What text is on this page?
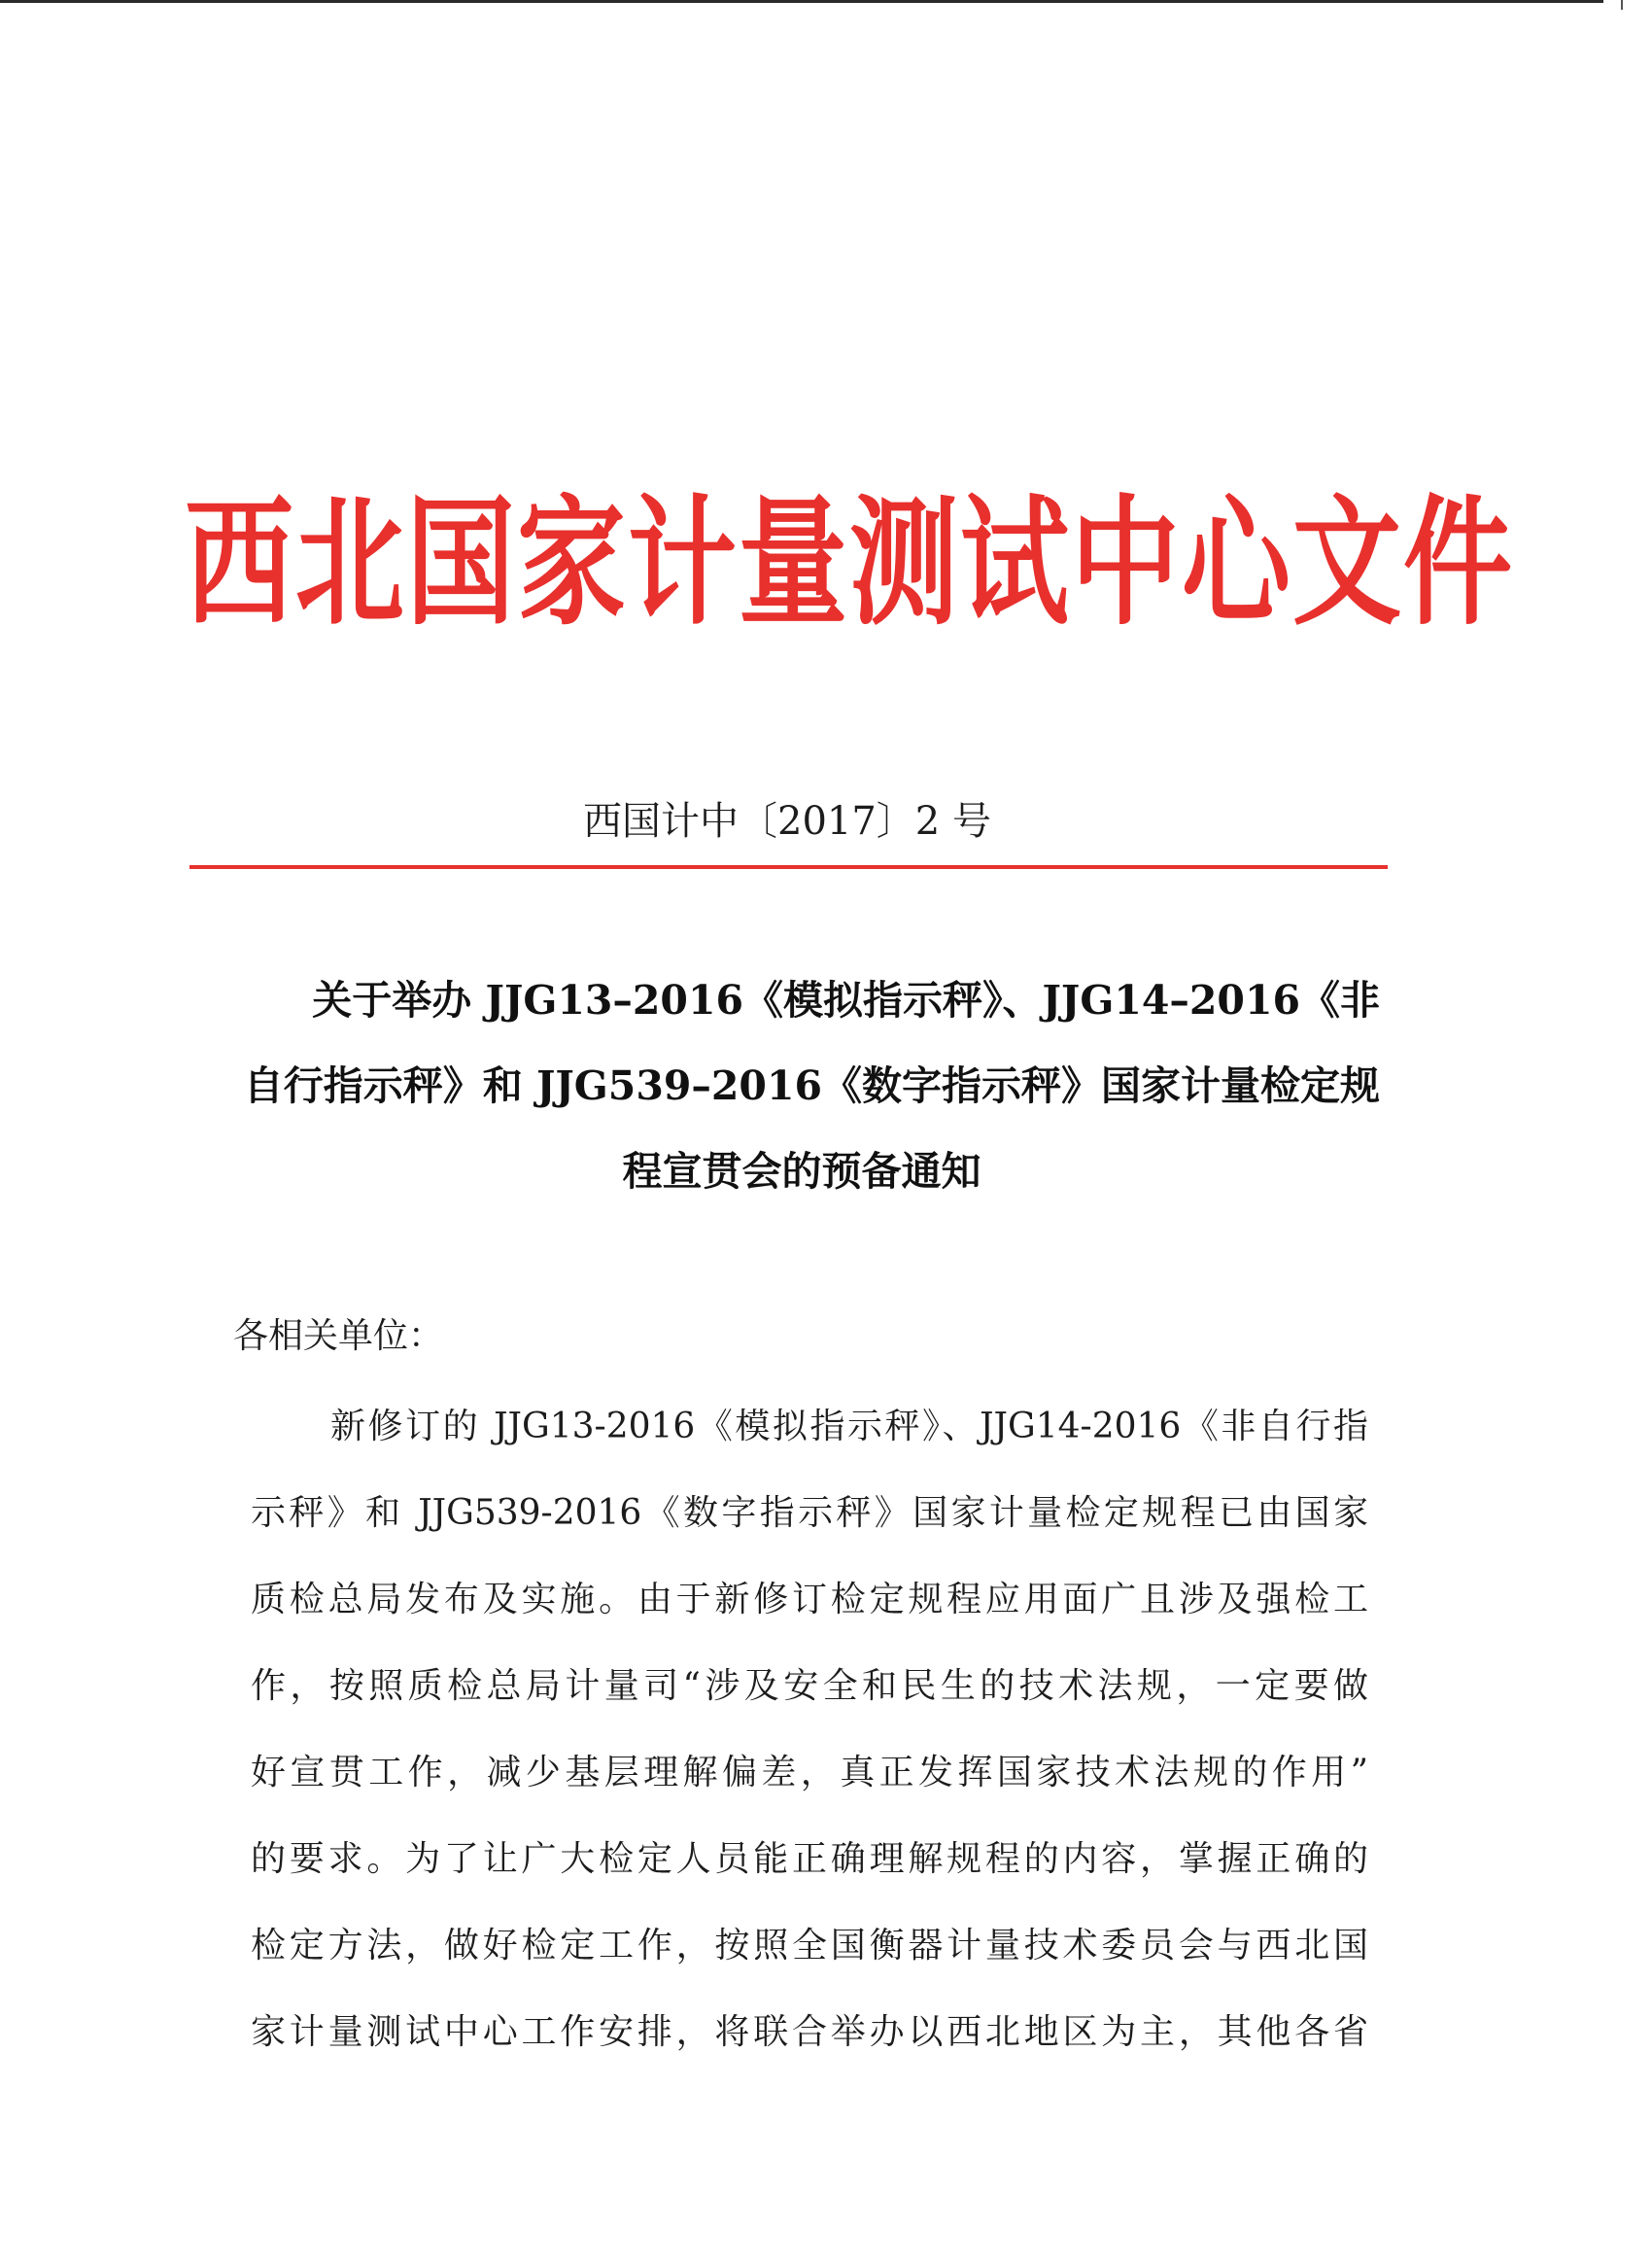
西北国家计量测试中心文件
西国计中〔2017〕2 号
关于举办 JJG13–2016《模拟指示秤》、JJG14–2016《非
自行指示秤》和 JJG539–2016《数字指示秤》国家计量检定规
程宣贯会的预备通知
各相关单位：
新修订的 JJG13-2016《模拟指示秤》、JJG14-2016《非自行指
示秤》和 JJG539-2016《数字指示秤》国家计量检定规程已由国家
质检总局发布及实施。由于新修订检定规程应用面广且涉及强检工
作，按照质检总局计量司“涉及安全和民生的技术法规，一定要做
好宣贯工作，减少基层理解偏差，真正发挥国家技术法规的作用”
的要求。为了让广大检定人员能正确理解规程的内容，掌握正确的
检定方法，做好检定工作，按照全国衡器计量技术委员会与西北国
家计量测试中心工作安排，将联合举办以西北地区为主，其他各省
